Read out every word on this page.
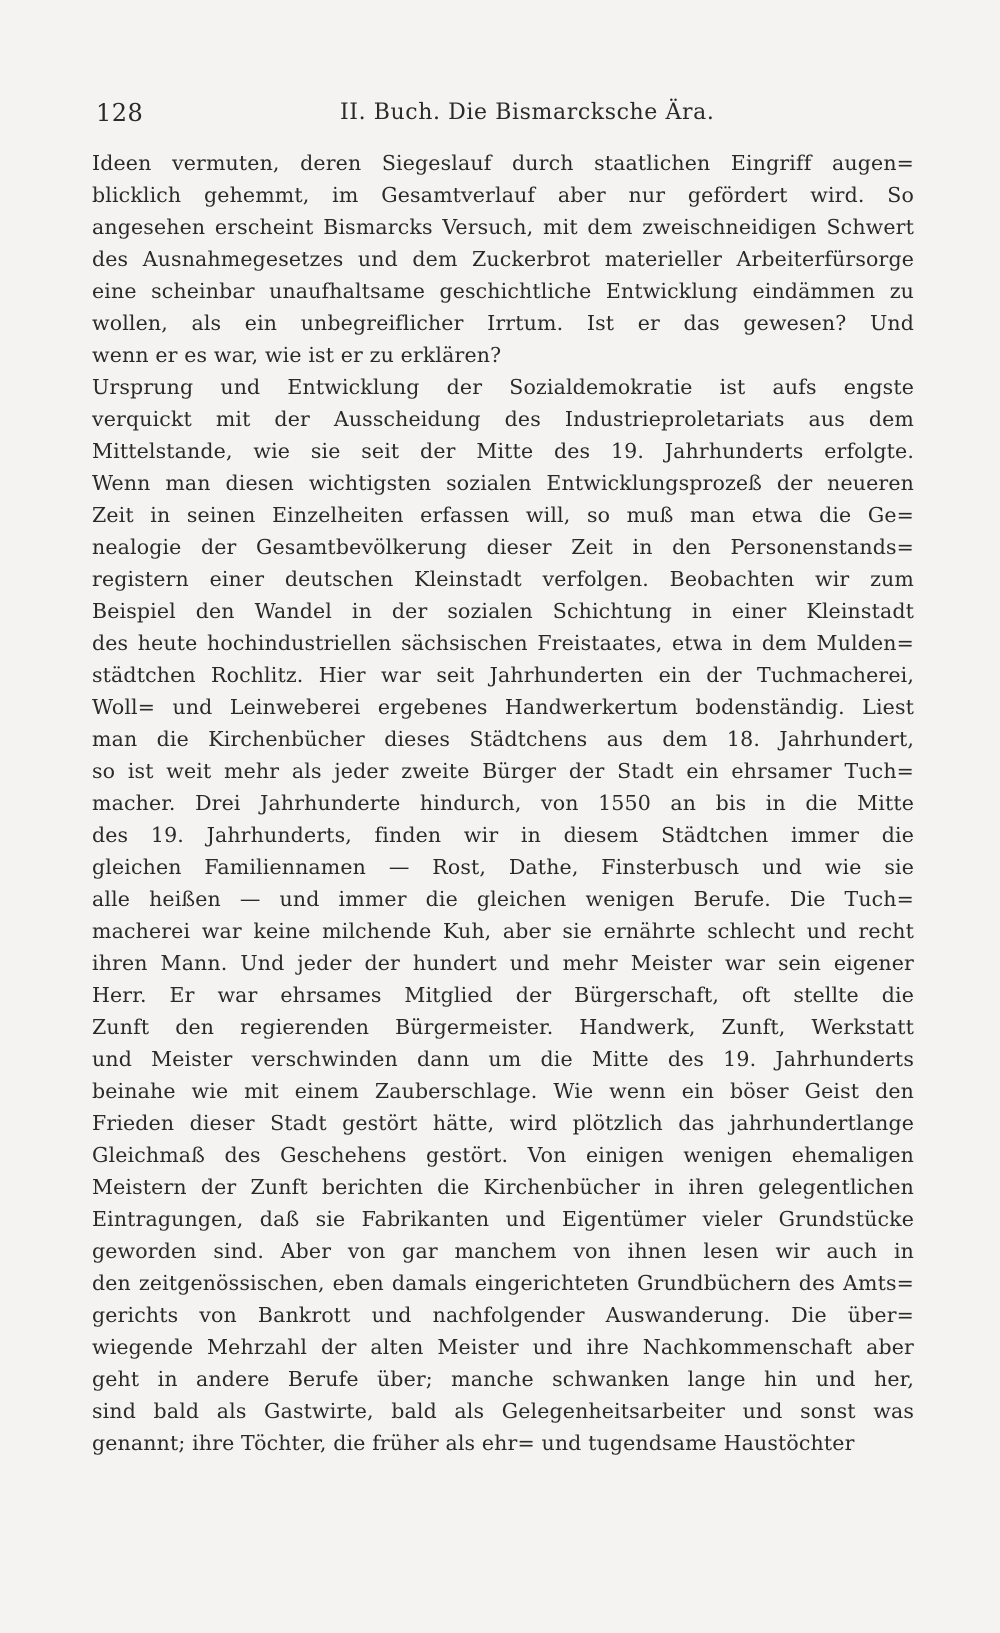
128	II. Buch. Die Bismarcksche Ära.
Ideen vermuten, deren Siegeslauf durch staatlichen Eingriff augen=
blicklich gehemmt, im Gesamtverlauf aber nur gefördert wird. So
angesehen erscheint Bismarcks Versuch, mit dem zweischneidigen Schwert
des Ausnahmegesetzes und dem Zuckerbrot materieller Arbeiterfürsorge
eine scheinbar unaufhaltsame geschichtliche Entwicklung eindämmen zu
wollen, als ein unbegreiflicher Irrtum. Ist er das gewesen? Und
wenn er es war, wie ist er zu erklären?
Ursprung und Entwicklung der Sozialdemokratie ist aufs engste
verquickt mit der Ausscheidung des Industrieproletariats aus dem
Mittelstande, wie sie seit der Mitte des 19. Jahrhunderts erfolgte.
Wenn man diesen wichtigsten sozialen Entwicklungsprozeß der neueren
Zeit in seinen Einzelheiten erfassen will, so muß man etwa die Ge=
nealogie der Gesamtbevölkerung dieser Zeit in den Personenstands=
registern einer deutschen Kleinstadt verfolgen. Beobachten wir zum
Beispiel den Wandel in der sozialen Schichtung in einer Kleinstadt
des heute hochindustriellen sächsischen Freistaates, etwa in dem Mulden=
städtchen Rochlitz. Hier war seit Jahrhunderten ein der Tuchmacherei,
Woll= und Leinweberei ergebenes Handwerkertum bodenständig. Liest
man die Kirchenbücher dieses Städtchens aus dem 18. Jahrhundert,
so ist weit mehr als jeder zweite Bürger der Stadt ein ehrsamer Tuch=
macher. Drei Jahrhunderte hindurch, von 1550 an bis in die Mitte
des 19. Jahrhunderts, finden wir in diesem Städtchen immer die
gleichen Familiennamen — Rost, Dathe, Finsterbusch und wie sie
alle heißen — und immer die gleichen wenigen Berufe. Die Tuch=
macherei war keine milchende Kuh, aber sie ernährte schlecht und recht
ihren Mann. Und jeder der hundert und mehr Meister war sein eigener
Herr. Er war ehrsames Mitglied der Bürgerschaft, oft stellte die
Zunft den regierenden Bürgermeister. Handwerk, Zunft, Werkstatt
und Meister verschwinden dann um die Mitte des 19. Jahrhunderts
beinahe wie mit einem Zauberschlage. Wie wenn ein böser Geist den
Frieden dieser Stadt gestört hätte, wird plötzlich das jahrhundertlange
Gleichmaß des Geschehens gestört. Von einigen wenigen ehemaligen
Meistern der Zunft berichten die Kirchenbücher in ihren gelegentlichen
Eintragungen, daß sie Fabrikanten und Eigentümer vieler Grundstücke
geworden sind. Aber von gar manchem von ihnen lesen wir auch in
den zeitgenössischen, eben damals eingerichteten Grundbüchern des Amts=
gerichts von Bankrott und nachfolgender Auswanderung. Die über=
wiegende Mehrzahl der alten Meister und ihre Nachkommenschaft aber
geht in andere Berufe über; manche schwanken lange hin und her,
sind bald als Gastwirte, bald als Gelegenheitsarbeiter und sonst was
genannt; ihre Töchter, die früher als ehr= und tugendsame Haustöchter
